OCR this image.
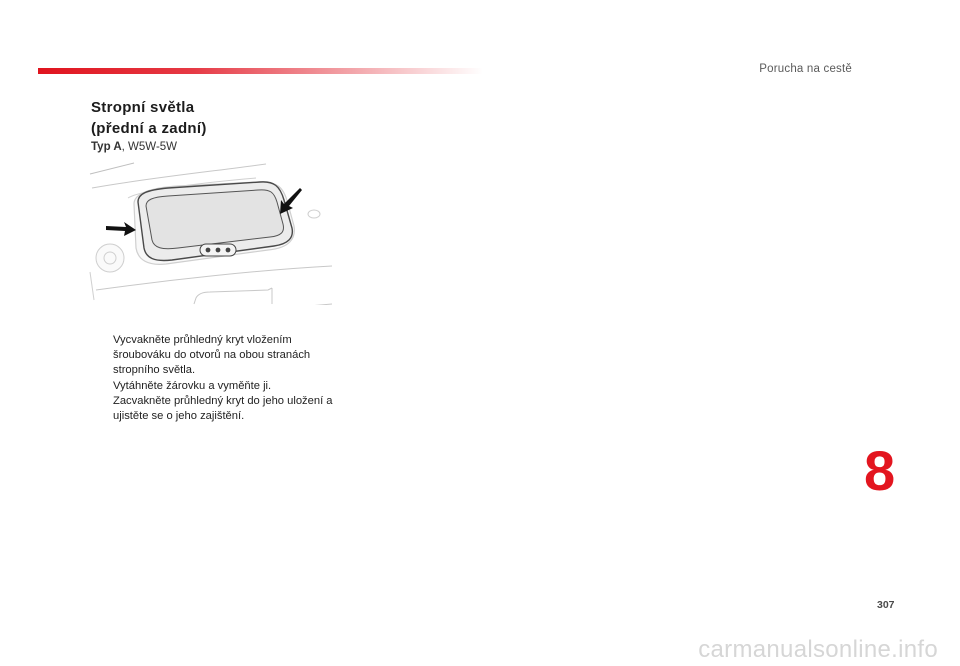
Porucha na cestě
Stropní světla
(přední a zadní)
Typ A, W5W-5W
Vycvakněte průhledný kryt vložením šroubováku do otvorů na obou stranách stropního světla.
Vytáhněte žárovku a vyměňte ji.
Zacvakněte průhledný kryt do jeho uložení a ujistěte se o jeho zajištění.
8
307
carmanualsonline.info
